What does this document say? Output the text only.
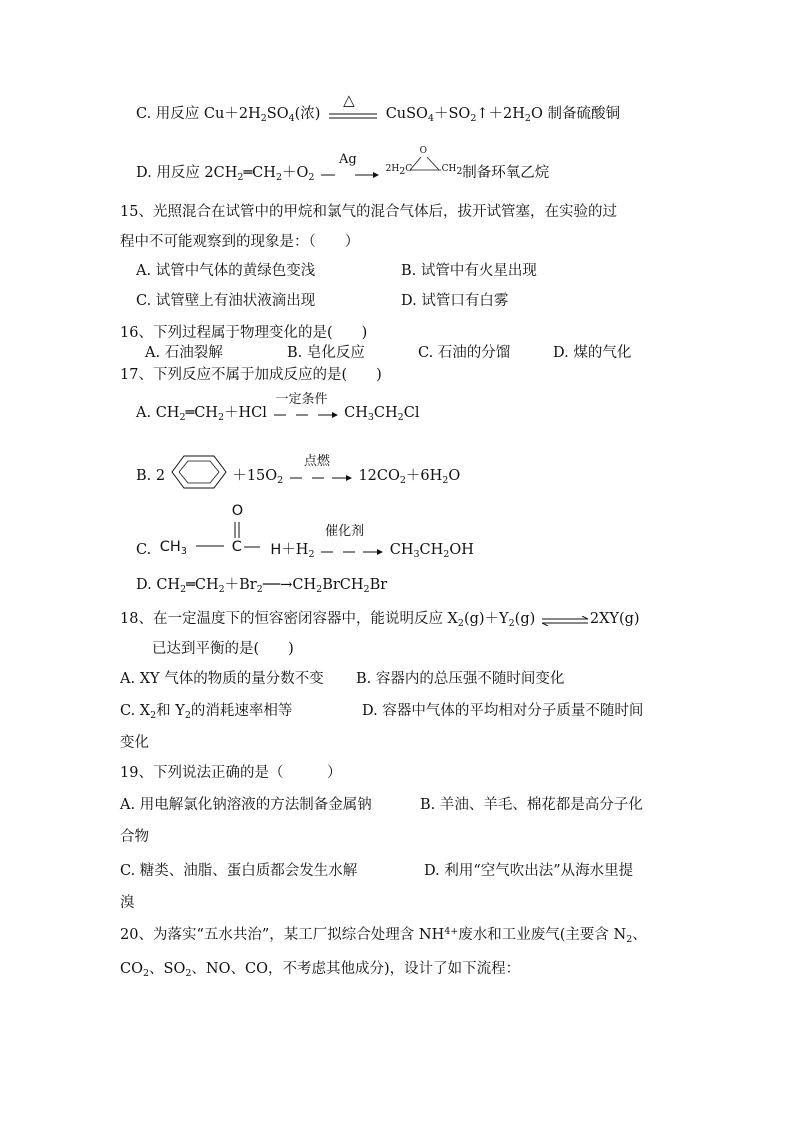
C. 用反应 $Cu+2H_2SO_4$(浓)
△
$CuSO_4+SO_2↑+2H_2O$ 制备硫酸铜
D. 用反应 $2CH_2═CH_2+O_2$
Ag

$2H_2C$
O
$CH_2$ 制备环氧乙烷
15、光照混合在试管中的甲烷和氯气的混合气体后，拔开试管塞，在实验的过
程中不可能观察到的现象是：（　　）
A. 试管中气体的黄绿色变浅	B. 试管中有火星出现
C. 试管壁上有油状液滴出现	D. 试管口有白雾
16、下列过程属于物理变化的是(　　)
A. 石油裂解	B. 皂化反应	C. 石油的分馏	D. 煤的气化
17、下列反应不属于加成反应的是(　　)
A. $CH_2═CH_2+HCl$
一定条件
$CH_3CH_2Cl$
B. 2	$+15O_2$
点燃
$12CO_2+6H_2O$
C. $CH_3$
O
C $H+H_2$
催化剂
$CH_3CH_2OH$
D. $CH_2═CH_2+Br_2──\to CH_2BrCH_2Br$
18、在一定温度下的恒容密闭容器中，能说明反应 $X_2(g)+Y_2(g)$ ⇌ 2XY(g)
已达到平衡的是(　　)
A. XY 气体的物质的量分数不变 B. 容器内的总压强不随时间变化
C. $X_2$和 $Y_2$的消耗速率相等	D. 容器中气体的平均相对分子质量不随时间
变化
19、下列说法正确的是（　　　）
A. 用电解氯化钠溶液的方法制备金属钠	B. 羊油、羊毛、棉花都是高分子化
合物
C. 糖类、油脂、蛋白质都会发生水解	D. 利用“空气吹出法”从海水里提
溴
20、为落实“五水共治”，某工厂拟综合处理含 $NH^{4+}$废水和工业废气(主要含 $N_2$、
$CO_2$、$SO_2$、NO、CO，不考虑其他成分)，设计了如下流程：
